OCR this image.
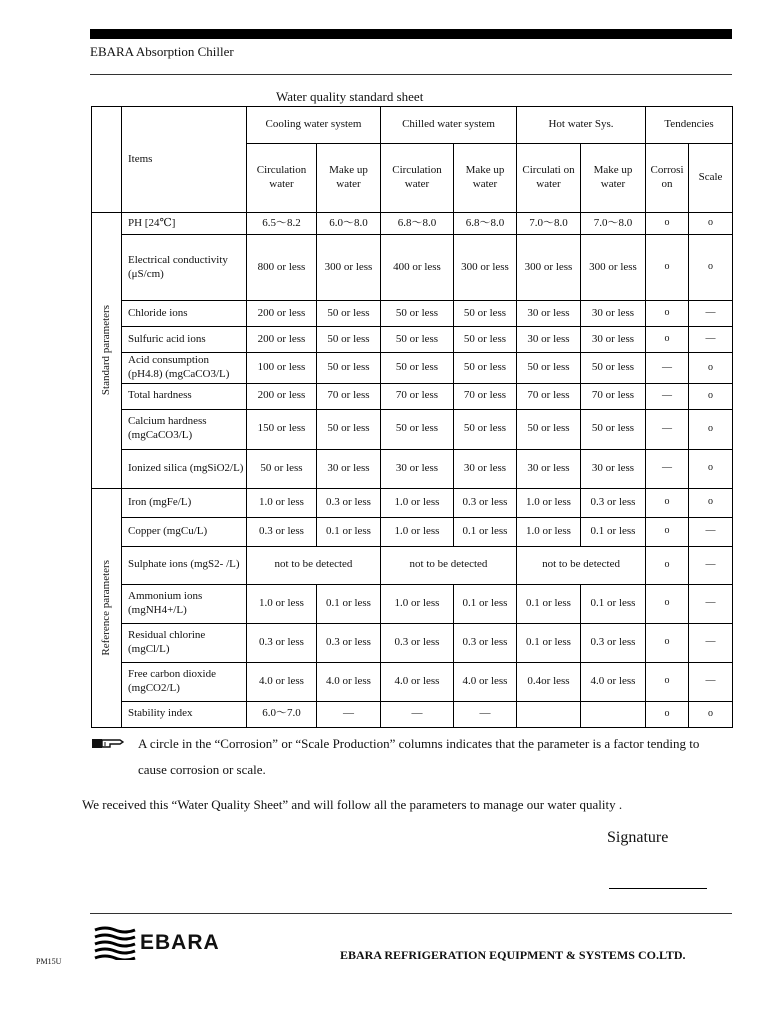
EBARA Absorption Chiller
Water quality standard sheet
	Items	Cooling water system		Chilled water system		Hot water Sys.		Tendencies	
		Circulation water	Make up water	Circulation water	Make up water	Circulati on water	Make up water	Corrosi on	Scale

Standard parameters	PH [24℃]	6.5～8.2	6.0～8.0	6.8～8.0	6.8～8.0	7.0～8.0	7.0～8.0	o	o
	Electrical conductivity (μS/cm)	800 or less	300 or less	400 or less	300 or less	300 or less	300 or less	o	o
	Chloride ions	200 or less	50 or less	50 or less	50 or less	30 or less	30 or less	o	—
	Sulfuric acid ions	200 or less	50 or less	50 or less	50 or less	30 or less	30 or less	o	—
	Acid consumption (pH4.8) (mgCaCO3/L)	100 or less	50 or less	50 or less	50 or less	50 or less	50 or less	—	o
	Total hardness	200 or less	70 or less	70 or less	70 or less	70 or less	70 or less	—	o
	Calcium hardness (mgCaCO3/L)	150 or less	50 or less	50 or less	50 or less	50 or less	50 or less	—	o
	Ionized silica (mgSiO2/L)	50 or less	30 or less	30 or less	30 or less	30 or less	30 or less	—	o

Reference parameters	Iron (mgFe/L)	1.0 or less	0.3 or less	1.0 or less	0.3 or less	1.0 or less	0.3 or less	o	o
	Copper (mgCu/L)	0.3 or less	0.1 or less	1.0 or less	0.1 or less	1.0 or less	0.1 or less	o	—
	Sulphate ions (mgS2- /L)	not to be detected		not to be detected		not to be detected		o	—
	Ammonium ions (mgNH4+/L)	1.0 or less	0.1 or less	1.0 or less	0.1 or less	0.1 or less	0.1 or less	o	—
	Residual chlorine (mgCl/L)	0.3 or less	0.3 or less	0.3 or less	0.3 or less	0.1 or less	0.3 or less	o	—
	Free carbon dioxide (mgCO2/L)	4.0 or less	4.0 or less	4.0 or less	4.0 or less	0.4or less	4.0 or less	o	—
	Stability index	6.0～7.0	—	—	—			o	o
A circle in the “Corrosion” or “Scale Production” columns indicates that the parameter is a factor tending to cause corrosion or scale.
We received this “Water Quality Sheet” and will follow all the parameters to manage our water quality .
Signature
EBARA
PM15U	EBARA REFRIGERATION EQUIPMENT & SYSTEMS CO.LTD.
